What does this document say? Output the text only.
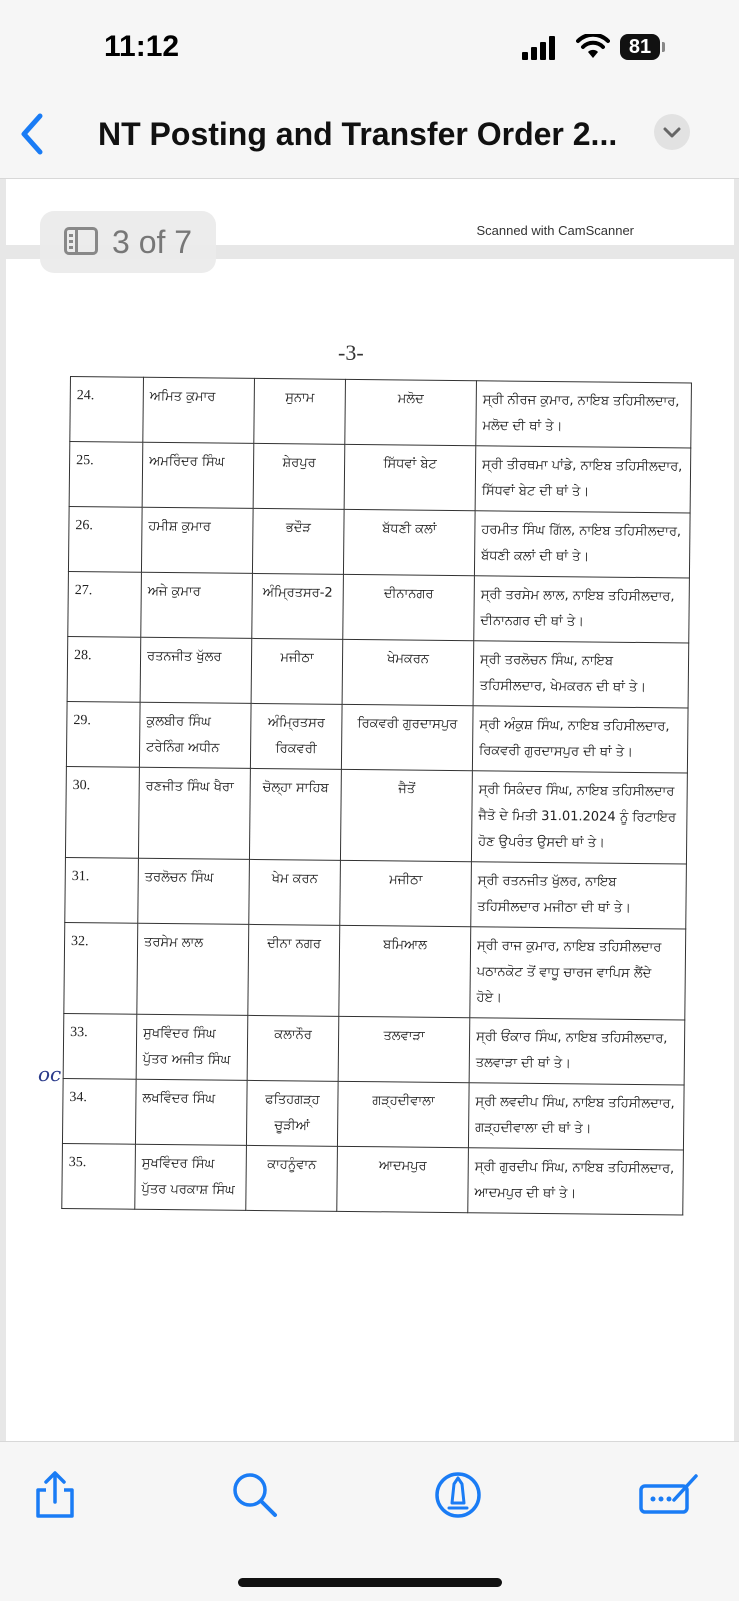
11:12	81
NT Posting and Transfer Order 2...
Scanned with CamScanner
3 of 7
-3-
oc
24.	ਅਮਿਤ ਕੁਮਾਰ	ਸੁਨਾਮ	ਮਲੋਦ	ਸ੍ਰੀ ਨੀਰਜ ਕੁਮਾਰ, ਨਾਇਬ ਤਹਿਸੀਲਦਾਰ, ਮਲੋਦ ਦੀ ਥਾਂ ਤੇ।
25.	ਅਮਰਿੰਦਰ ਸਿੰਘ	ਸ਼ੇਰਪੁਰ	ਸਿੱਧਵਾਂ ਬੇਟ	ਸ੍ਰੀ ਤੀਰਥਮਾ ਪਾਂਡੇ, ਨਾਇਬ ਤਹਿਸੀਲਦਾਰ, ਸਿੱਧਵਾਂ ਬੇਟ ਦੀ ਥਾਂ ਤੇ।
26.	ਹਮੀਸ਼ ਕੁਮਾਰ	ਭਦੌੜ	ਬੱਧਣੀ ਕਲਾਂ	ਹਰਮੀਤ ਸਿੰਘ ਗਿੱਲ, ਨਾਇਬ ਤਹਿਸੀਲਦਾਰ, ਬੱਧਣੀ ਕਲਾਂ ਦੀ ਥਾਂ ਤੇ।
27.	ਅਜੇ ਕੁਮਾਰ	ਅੰਮ੍ਰਿਤਸਰ-2	ਦੀਨਾਨਗਰ	ਸ੍ਰੀ ਤਰਸੇਮ ਲਾਲ, ਨਾਇਬ ਤਹਿਸੀਲਦਾਰ, ਦੀਨਾਨਗਰ ਦੀ ਥਾਂ ਤੇ।
28.	ਰਤਨਜੀਤ ਖੁੱਲਰ	ਮਜੀਠਾ	ਖੇਮਕਰਨ	ਸ੍ਰੀ ਤਰਲੋਚਨ ਸਿੰਘ, ਨਾਇਬ ਤਹਿਸੀਲਦਾਰ, ਖੇਮਕਰਨ ਦੀ ਥਾਂ ਤੇ।
29.	ਕੁਲਬੀਰ ਸਿੰਘ ਟਰੇਨਿੰਗ ਅਧੀਨ	ਅੰਮ੍ਰਿਤਸਰ ਰਿਕਵਰੀ	ਰਿਕਵਰੀ ਗੁਰਦਾਸਪੁਰ	ਸ੍ਰੀ ਅੰਕੁਸ਼ ਸਿੰਘ, ਨਾਇਬ ਤਹਿਸੀਲਦਾਰ, ਰਿਕਵਰੀ ਗੁਰਦਾਸਪੁਰ ਦੀ ਥਾਂ ਤੇ।
30.	ਰਣਜੀਤ ਸਿੰਘ ਖੈਰਾ	ਚੋਲ੍ਹਾ ਸਾਹਿਬ	ਜੈਤੋਂ	ਸ੍ਰੀ ਸਿਕੰਦਰ ਸਿੰਘ, ਨਾਇਬ ਤਹਿਸੀਲਦਾਰ ਜੈਤੋ ਦੇ ਮਿਤੀ 31.01.2024 ਨੂੰ ਰਿਟਾਇਰ ਹੋਣ ਉਪਰੰਤ ਉਸਦੀ ਥਾਂ ਤੇ।
31.	ਤਰਲੋਚਨ ਸਿੰਘ	ਖੇਮ ਕਰਨ	ਮਜੀਠਾ	ਸ੍ਰੀ ਰਤਨਜੀਤ ਖੁੱਲਰ, ਨਾਇਬ ਤਹਿਸੀਲਦਾਰ ਮਜੀਠਾ ਦੀ ਥਾਂ ਤੇ।
32.	ਤਰਸੇਮ ਲਾਲ	ਦੀਨਾ ਨਗਰ	ਬਮਿਆਲ	ਸ੍ਰੀ ਰਾਜ ਕੁਮਾਰ, ਨਾਇਬ ਤਹਿਸੀਲਦਾਰ ਪਠਾਨਕੋਟ ਤੋਂ ਵਾਧੂ ਚਾਰਜ ਵਾਪਿਸ ਲੈਂਦੇ ਹੋਏ।
33.	ਸੁਖਵਿੰਦਰ ਸਿੰਘ ਪੁੱਤਰ ਅਜੀਤ ਸਿੰਘ	ਕਲਾਨੌਰ	ਤਲਵਾੜਾ	ਸ੍ਰੀ ਓਂਕਾਰ ਸਿੰਘ, ਨਾਇਬ ਤਹਿਸੀਲਦਾਰ, ਤਲਵਾੜਾ ਦੀ ਥਾਂ ਤੇ।
34.	ਲਖਵਿੰਦਰ ਸਿੰਘ	ਫਤਿਹਗੜ੍ਹ ਚੂੜੀਆਂ	ਗੜ੍ਹਦੀਵਾਲਾ	ਸ੍ਰੀ ਲਵਦੀਪ ਸਿੰਘ, ਨਾਇਬ ਤਹਿਸੀਲਦਾਰ, ਗੜ੍ਹਦੀਵਾਲਾ ਦੀ ਥਾਂ ਤੇ।
35.	ਸੁਖਵਿੰਦਰ ਸਿੰਘ ਪੁੱਤਰ ਪਰਕਾਸ਼ ਸਿੰਘ	ਕਾਹਨੂੰਵਾਨ	ਆਦਮਪੁਰ	ਸ੍ਰੀ ਗੁਰਦੀਪ ਸਿੰਘ, ਨਾਇਬ ਤਹਿਸੀਲਦਾਰ, ਆਦਮਪੁਰ ਦੀ ਥਾਂ ਤੇ।
